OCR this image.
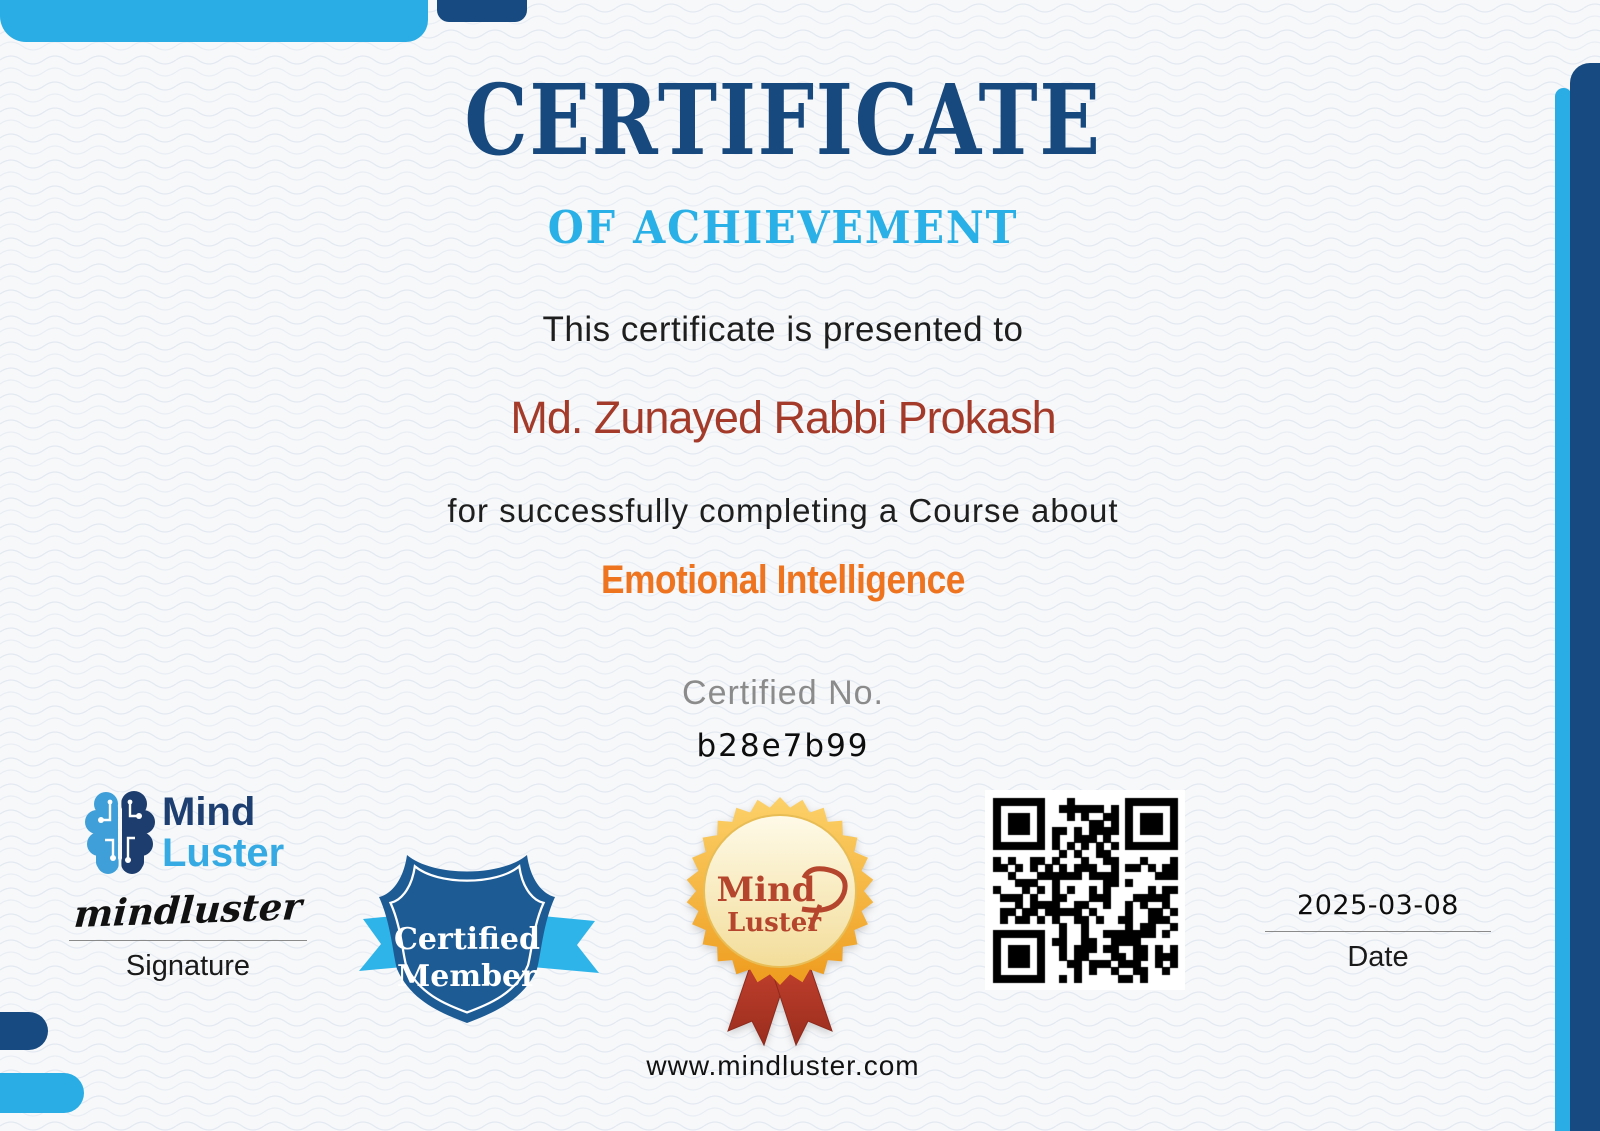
CERTIFICATE
OF ACHIEVEMENT
This certificate is presented to
Md. Zunayed Rabbi Prokash
for successfully completing a Course about
Emotional Intelligence
Certified No.
b28e7b99
www.mindluster.com
Mind
Luster
mindluster
Signature
Certified
Member
Mind
Luster
2025-03-08
Date
